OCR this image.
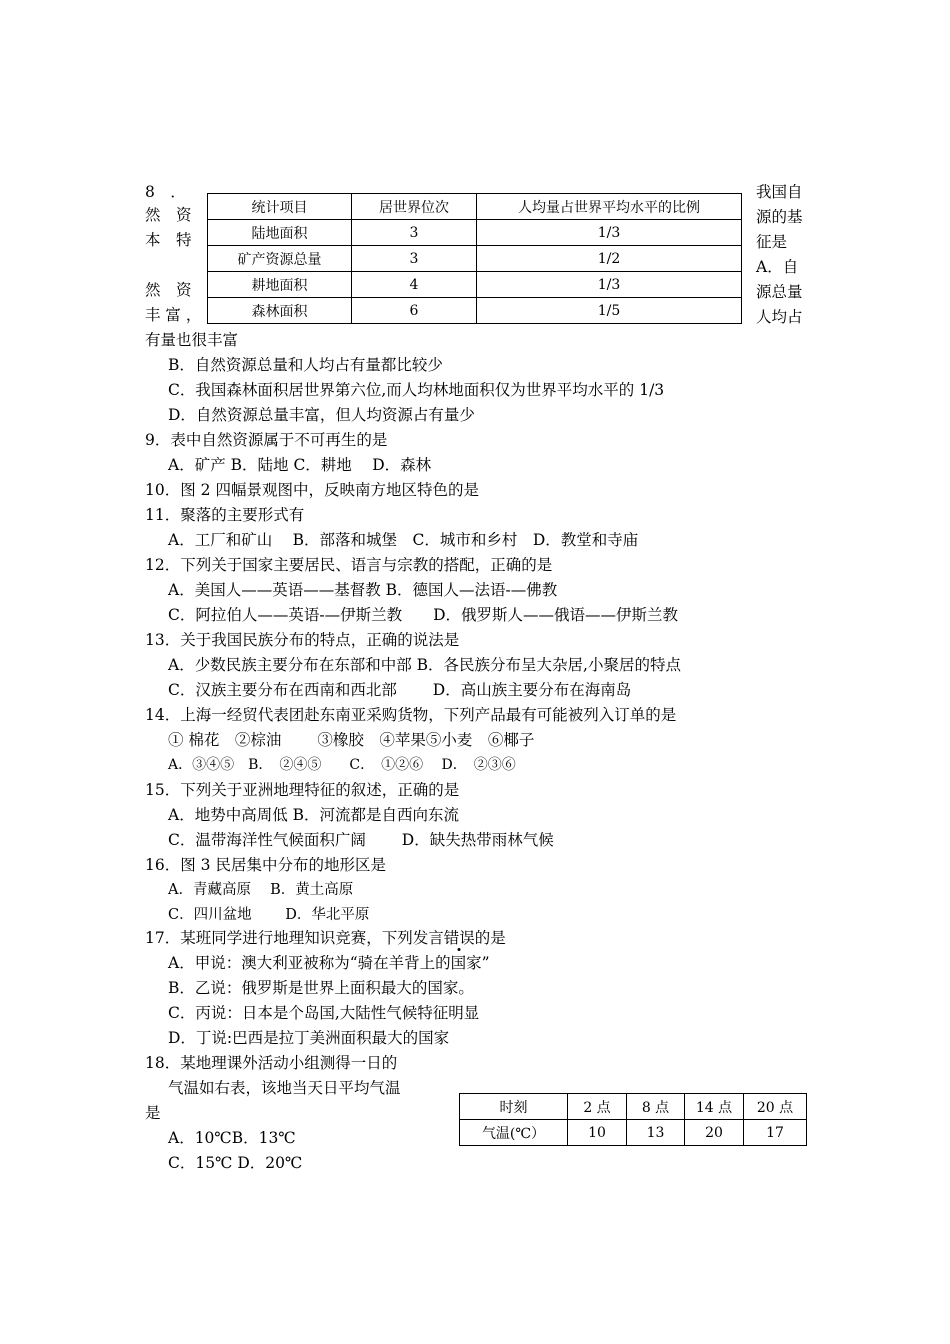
8　．
然　资
本　特
然　资
丰 富 ，
统计项目	居世界位次	人均量占世界平均水平的比例
陆地面积	3	1/3
矿产资源总量	3	1/2
耕地面积	4	1/3
森林面积	6	1/5
我国自
源的基
征是
A．自
源总量
人均占
有量也很丰富
B．自然资源总量和人均占有量都比较少
C．我国森林面积居世界第六位,而人均林地面积仅为世界平均水平的 1/3
D．自然资源总量丰富，但人均资源占有量少
9．表中自然资源属于不可再生的是
A．矿产 B．陆地 C．耕地　 D．森林
10．图 2 四幅景观图中，反映南方地区特色的是
11．聚落的主要形式有
A．工厂和矿山　 B．部落和城堡　C．城市和乡村　D．教堂和寺庙
12．下列关于国家主要居民、语言与宗教的搭配，正确的是
A．美国人——英语——基督教 B．德国人—法语-—佛教
C．阿拉伯人——英语-—伊斯兰教　　D．俄罗斯人——俄语——伊斯兰教
13．关于我国民族分布的特点，正确的说法是
A．少数民族主要分布在东部和中部 B．各民族分布呈大杂居,小聚居的特点
C．汉族主要分布在西南和西北部　　 D．高山族主要分布在海南岛
14．上海一经贸代表团赴东南亚采购货物，下列产品最有可能被列入订单的是
① 棉花　②棕油　　 ③橡胶　④苹果⑤小麦　⑥椰子
A．③④⑤　B．　②④⑤　　C．　①②⑥　 D．　②③⑥
15．下列关于亚洲地理特征的叙述，正确的是
A．地势中高周低 B．河流都是自西向东流
C．温带海洋性气候面积广阔　　 D．缺失热带雨林气候
16．图 3 民居集中分布的地形区是
A．青藏高原　 B．黄土高原
C．四川盆地　　 D．华北平原
17．某班同学进行地理知识竞赛，下列发言错误的是
A．甲说：澳大利亚被称为“骑在羊背上的国家”
B．乙说：俄罗斯是世界上面积最大的国家。
C．丙说：日本是个岛国,大陆性气候特征明显
D．丁说:巴西是拉丁美洲面积最大的国家
18．某地理课外活动小组测得一日的
气温如右表，该地当天日平均气温
是
A．10℃B．13℃
C．15℃ D．20℃
时刻	2 点	8 点	14 点	20 点
气温(℃）	10	13	20	17
